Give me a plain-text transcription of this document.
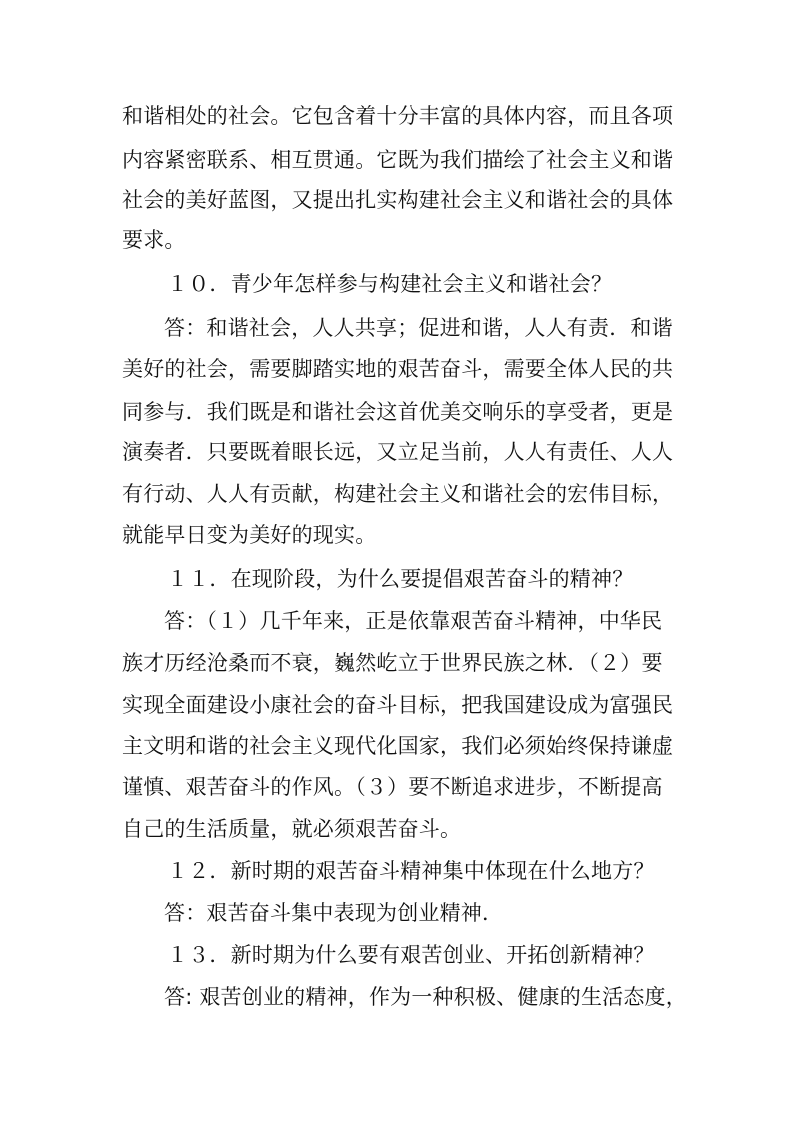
和谐相处的社会。它包含着十分丰富的具体内容，而且各项
内容紧密联系、相互贯通。它既为我们描绘了社会主义和谐
社会的美好蓝图，又提出扎实构建社会主义和谐社会的具体
要求。
１０．青少年怎样参与构建社会主义和谐社会？
答：和谐社会，人人共享；促进和谐，人人有责．和谐
美好的社会，需要脚踏实地的艰苦奋斗，需要全体人民的共
同参与．我们既是和谐社会这首优美交响乐的享受者，更是
演奏者．只要既着眼长远，又立足当前，人人有责任、人人
有行动、人人有贡献，构建社会主义和谐社会的宏伟目标，
就能早日变为美好的现实。
１１．在现阶段，为什么要提倡艰苦奋斗的精神？
答：（１）几千年来，正是依靠艰苦奋斗精神，中华民
族才历经沧桑而不衰，巍然屹立于世界民族之林．（２）要
实现全面建设小康社会的奋斗目标，把我国建设成为富强民
主文明和谐的社会主义现代化国家，我们必须始终保持谦虚
谨慎、艰苦奋斗的作风。（３）要不断追求进步，不断提高
自己的生活质量，就必须艰苦奋斗。
１２．新时期的艰苦奋斗精神集中体现在什么地方？
答：艰苦奋斗集中表现为创业精神．
１３．新时期为什么要有艰苦创业、开拓创新精神？
答: 艰苦创业的精神，作为一种积极、健康的生活态度，
